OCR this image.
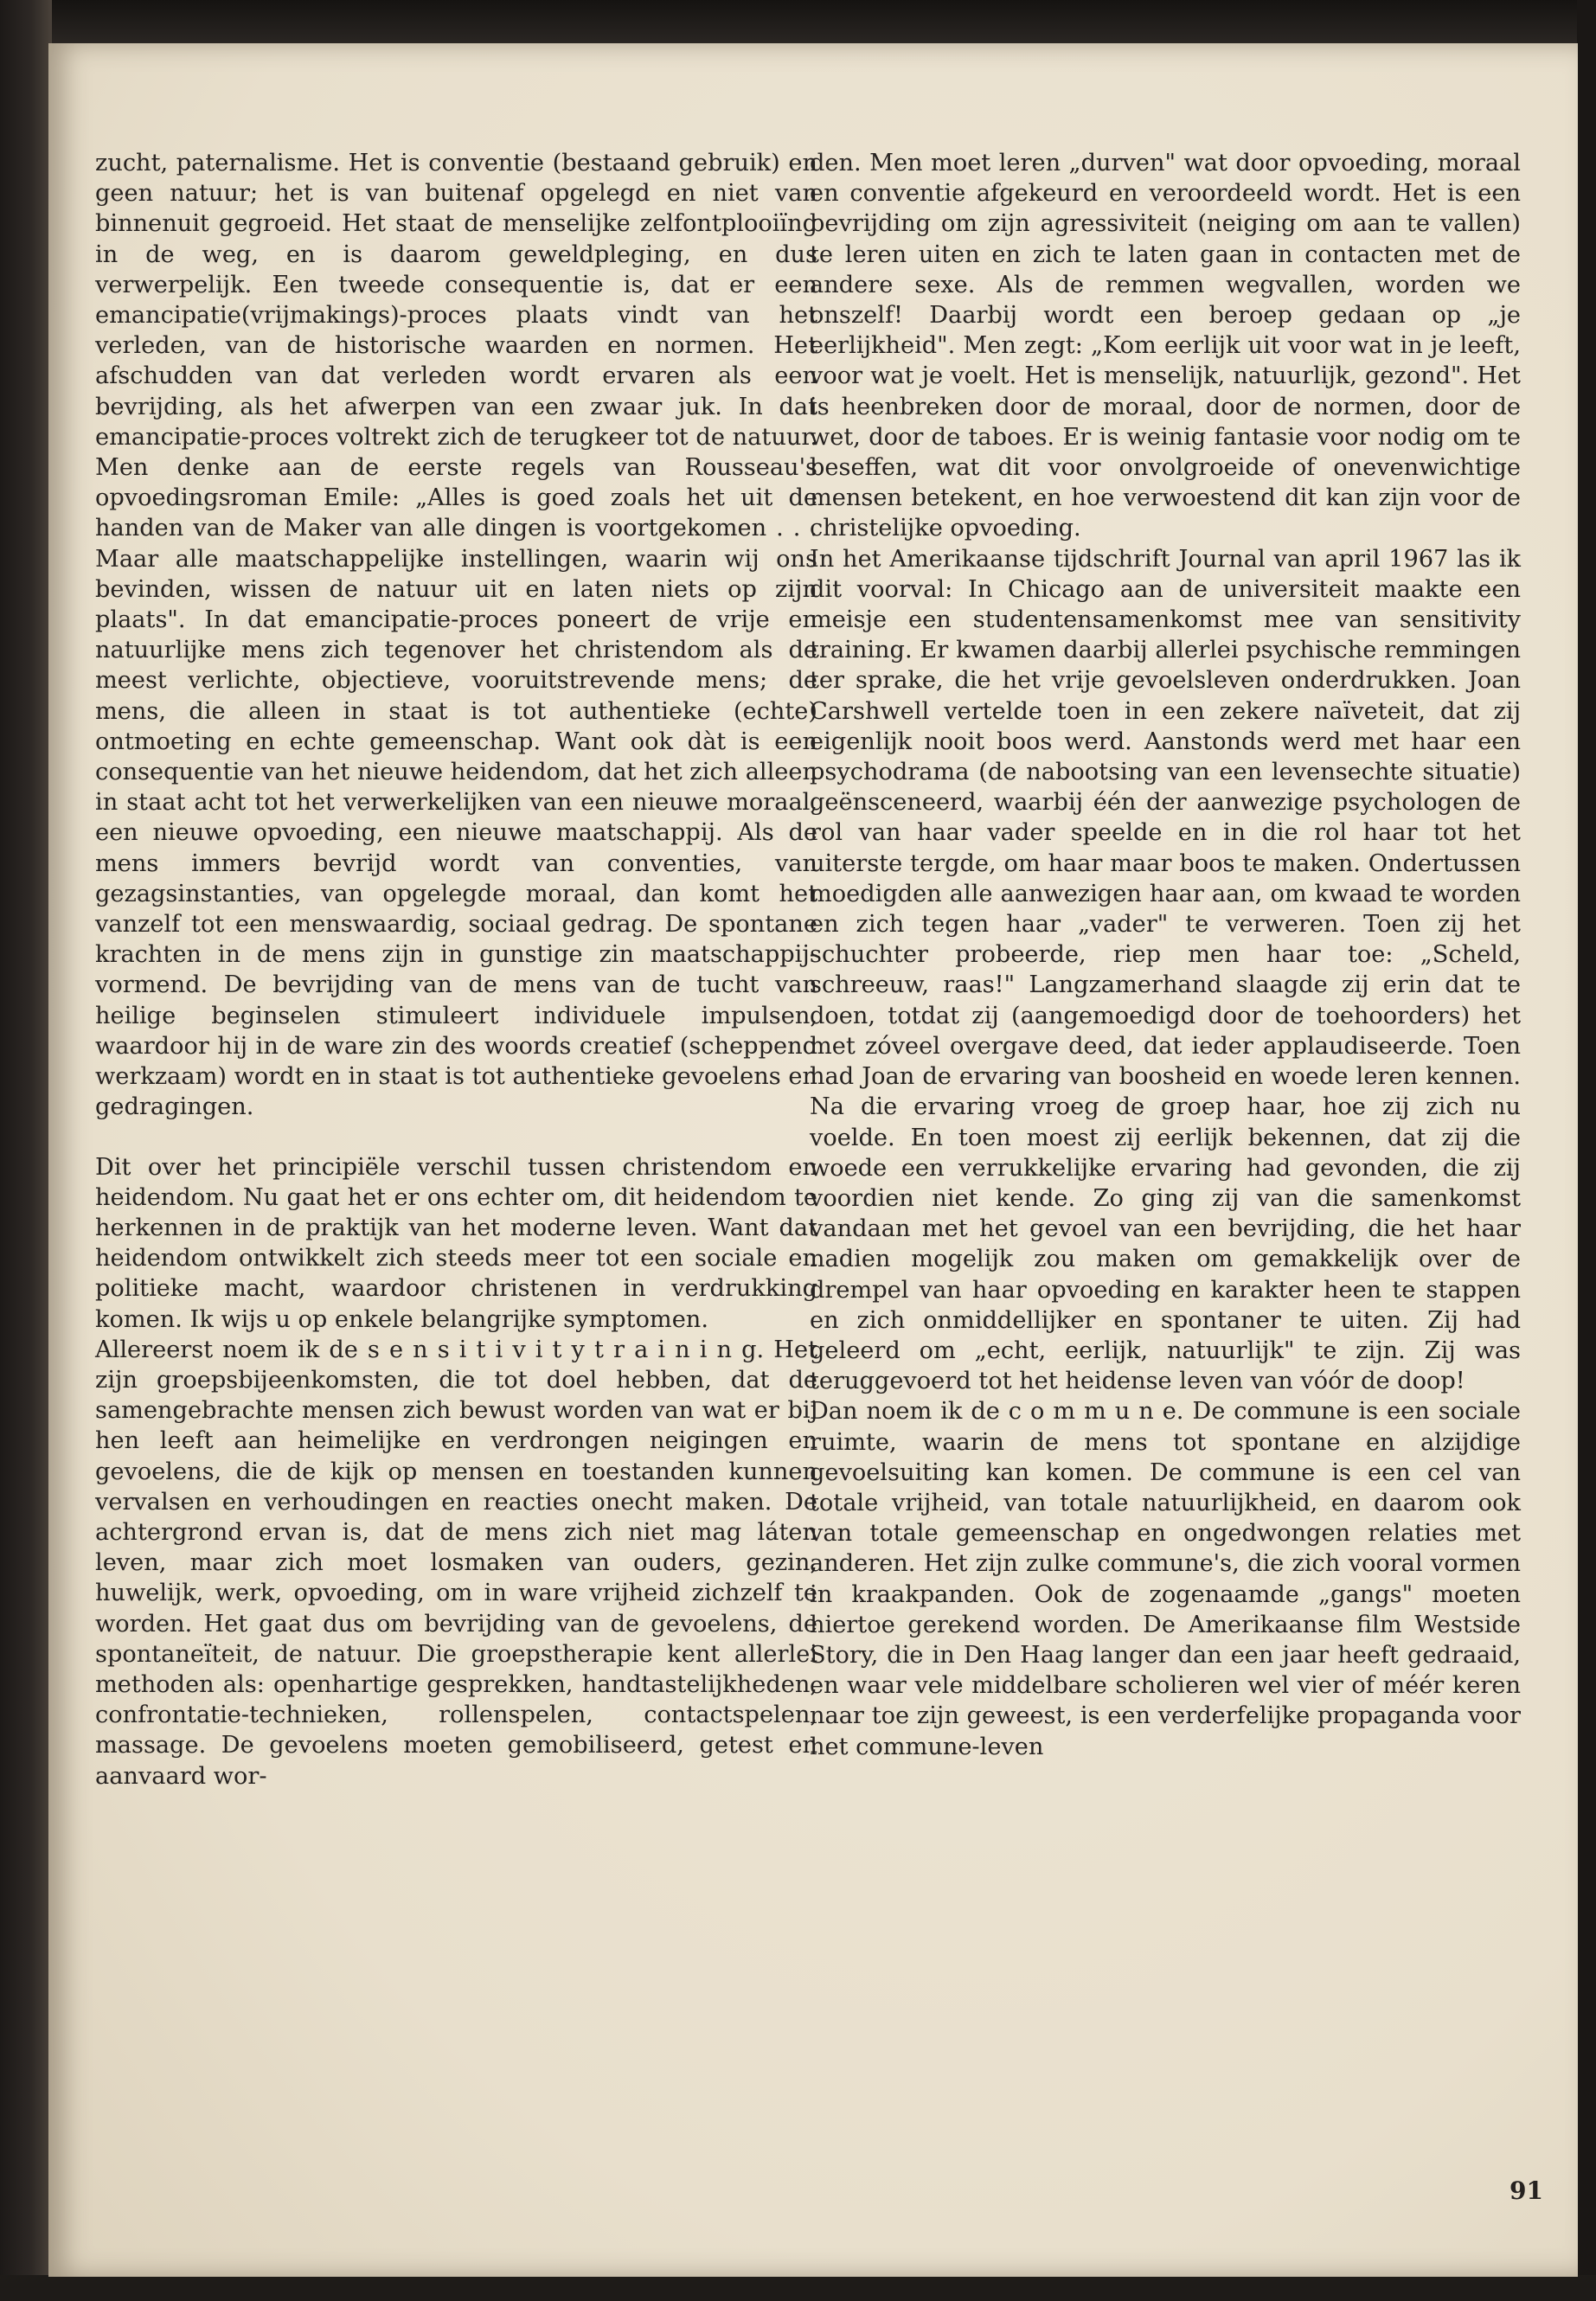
zucht, paternalisme. Het is conventie (bestaand gebruik) en geen natuur; het is van buitenaf opgelegd en niet van binnenuit gegroeid. Het staat de menselijke zelfontplooiïng in de weg, en is daarom geweldpleging, en dus verwerpelijk. Een tweede consequentie is, dat er een emancipatie(vrijmakings)-proces plaats vindt van het verleden, van de historische waarden en normen. Het afschudden van dat verleden wordt ervaren als een bevrijding, als het afwerpen van een zwaar juk. In dat emancipatie-proces voltrekt zich de terugkeer tot de natuur. Men denke aan de eerste regels van Rousseau's opvoedingsroman Emile: „Alles is goed zoals het uit de handen van de Maker van alle dingen is voortgekomen . . . Maar alle maatschappelijke instellingen, waarin wij ons bevinden, wissen de natuur uit en laten niets op zijn plaats". In dat emancipatie-proces poneert de vrije en natuurlijke mens zich tegenover het christendom als de meest verlichte, objectieve, vooruitstrevende mens; de mens, die alleen in staat is tot authentieke (echte) ontmoeting en echte gemeenschap. Want ook dàt is een consequentie van het nieuwe heidendom, dat het zich alleen in staat acht tot het verwerkelijken van een nieuwe moraal, een nieuwe opvoeding, een nieuwe maatschappij. Als de mens immers bevrijd wordt van conventies, van gezagsinstanties, van opgelegde moraal, dan komt het vanzelf tot een menswaardig, sociaal gedrag. De spontane krachten in de mens zijn in gunstige zin maatschappij-vormend. De bevrijding van de mens van de tucht van heilige beginselen stimuleert individuele impulsen, waardoor hij in de ware zin des woords creatief (scheppend werkzaam) wordt en in staat is tot authentieke gevoelens en gedragingen.

Dit over het principiële verschil tussen christendom en heidendom. Nu gaat het er ons echter om, dit heidendom te herkennen in de praktijk van het moderne leven. Want dat heidendom ontwikkelt zich steeds meer tot een sociale en politieke macht, waardoor christenen in verdrukking komen. Ik wijs u op enkele belangrijke symptomen.

Allereerst noem ik de s e n s i t i v i t y t r a i n i n g. Het zijn groepsbijeenkomsten, die tot doel hebben, dat de samengebrachte mensen zich bewust worden van wat er bij hen leeft aan heimelijke en verdrongen neigingen en gevoelens, die de kijk op mensen en toestanden kunnen vervalsen en verhoudingen en reacties onecht maken. De achtergrond ervan is, dat de mens zich niet mag láten leven, maar zich moet losmaken van ouders, gezin, huwelijk, werk, opvoeding, om in ware vrijheid zichzelf te worden. Het gaat dus om bevrijding van de gevoelens, de spontaneïteit, de natuur. Die groepstherapie kent allerlei methoden als: openhartige gesprekken, handtastelijkheden, confrontatie-technieken, rollenspelen, contactspelen, massage. De gevoelens moeten gemobiliseerd, getest en aanvaard wor-

den. Men moet leren „durven" wat door opvoeding, moraal en conventie afgekeurd en veroordeeld wordt. Het is een bevrijding om zijn agressiviteit (neiging om aan te vallen) te leren uiten en zich te laten gaan in contacten met de andere sexe. Als de remmen wegvallen, worden we onszelf! Daarbij wordt een beroep gedaan op „je eerlijkheid". Men zegt: „Kom eerlijk uit voor wat in je leeft, voor wat je voelt. Het is menselijk, natuurlijk, gezond". Het is heenbreken door de moraal, door de normen, door de wet, door de taboes. Er is weinig fantasie voor nodig om te beseffen, wat dit voor onvolgroeide of onevenwichtige mensen betekent, en hoe verwoestend dit kan zijn voor de christelijke opvoeding.

In het Amerikaanse tijdschrift Journal van april 1967 las ik dit voorval: In Chicago aan de universiteit maakte een meisje een studentensamenkomst mee van sensitivity training. Er kwamen daarbij allerlei psychische remmingen ter sprake, die het vrije gevoelsleven onderdrukken. Joan Carshwell vertelde toen in een zekere naïveteit, dat zij eigenlijk nooit boos werd. Aanstonds werd met haar een psychodrama (de nabootsing van een levensechte situatie) geënsceneerd, waarbij één der aanwezige psychologen de rol van haar vader speelde en in die rol haar tot het uiterste tergde, om haar maar boos te maken. Ondertussen moedigden alle aanwezigen haar aan, om kwaad te worden en zich tegen haar „vader" te verweren. Toen zij het schuchter probeerde, riep men haar toe: „Scheld, schreeuw, raas!" Langzamerhand slaagde zij erin dat te doen, totdat zij (aangemoedigd door de toehoorders) het met zóveel overgave deed, dat ieder applaudiseerde. Toen had Joan de ervaring van boosheid en woede leren kennen. Na die ervaring vroeg de groep haar, hoe zij zich nu voelde. En toen moest zij eerlijk bekennen, dat zij die woede een verrukkelijke ervaring had gevonden, die zij voordien niet kende. Zo ging zij van die samenkomst vandaan met het gevoel van een bevrijding, die het haar nadien mogelijk zou maken om gemakkelijk over de drempel van haar opvoeding en karakter heen te stappen en zich onmiddellijker en spontaner te uiten. Zij had geleerd om „echt, eerlijk, natuurlijk" te zijn. Zij was teruggevoerd tot het heidense leven van vóór de doop!

Dan noem ik de c o m m u n e. De commune is een sociale ruimte, waarin de mens tot spontane en alzijdige gevoelsuiting kan komen. De commune is een cel van totale vrijheid, van totale natuurlijkheid, en daarom ook van totale gemeenschap en ongedwongen relaties met anderen. Het zijn zulke commune's, die zich vooral vormen in kraakpanden. Ook de zogenaamde „gangs" moeten hiertoe gerekend worden. De Amerikaanse film Westside Story, die in Den Haag langer dan een jaar heeft gedraaid, en waar vele middelbare scholieren wel vier of méér keren naar toe zijn geweest, is een verderfelijke propaganda voor het commune-leven

91
